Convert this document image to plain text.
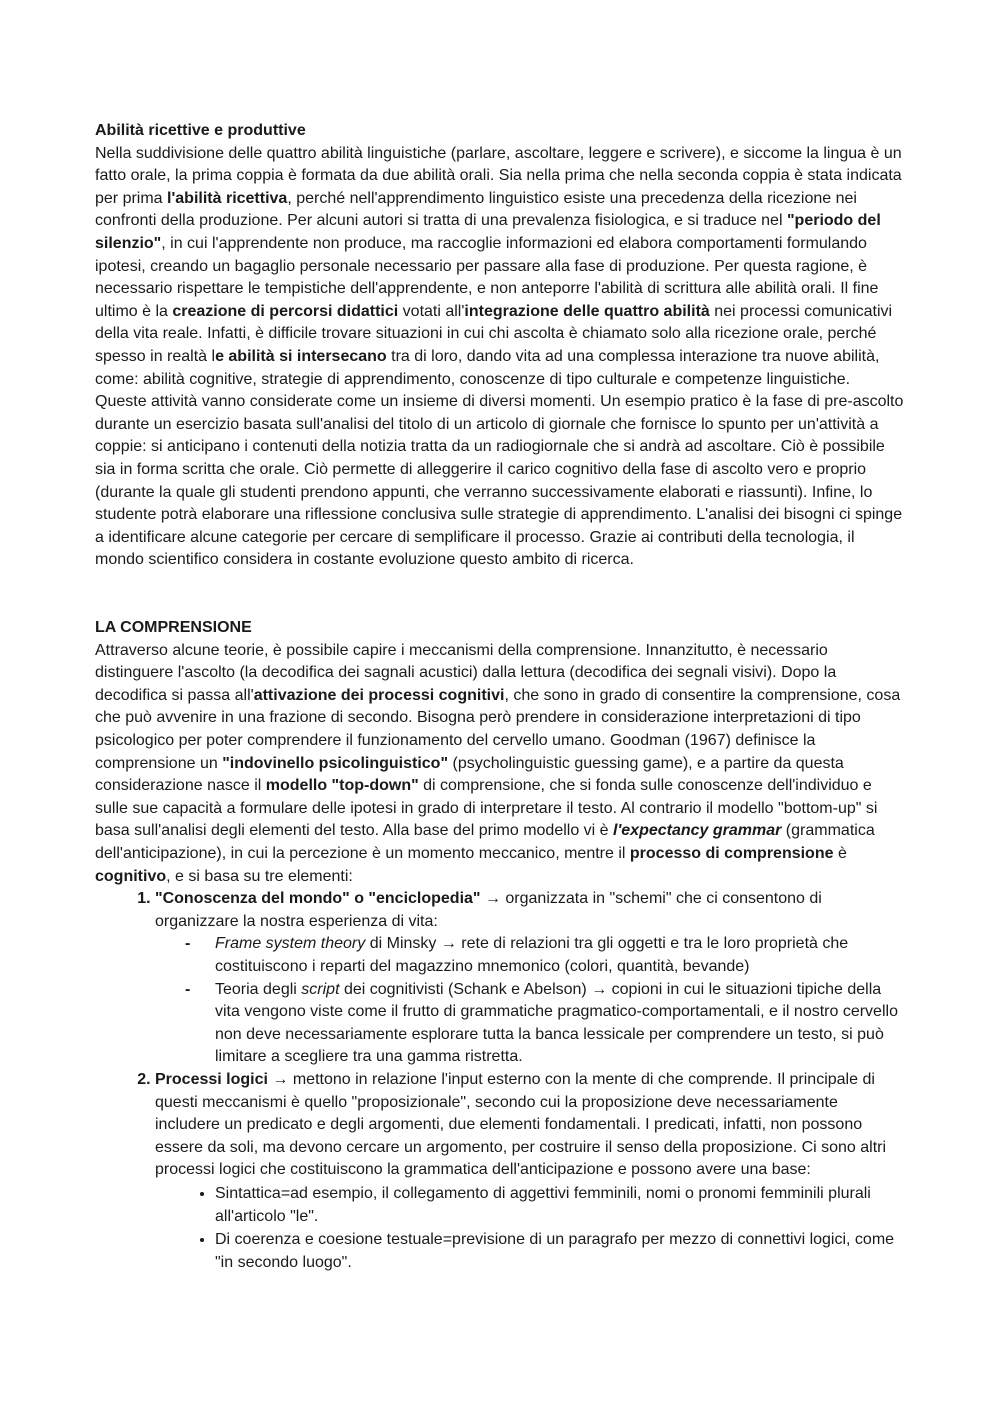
Abilità ricettive e produttive

Nella suddivisione delle quattro abilità linguistiche (parlare, ascoltare, leggere e scrivere), e siccome la lingua è un fatto orale, la prima coppia è formata da due abilità orali. Sia nella prima che nella seconda coppia è stata indicata per prima l'abilità ricettiva, perché nell'apprendimento linguistico esiste una precedenza della ricezione nei confronti della produzione. Per alcuni autori si tratta di una prevalenza fisiologica, e si traduce nel "periodo del silenzio", in cui l'apprendente non produce, ma raccoglie informazioni ed elabora comportamenti formulando ipotesi, creando un bagaglio personale necessario per passare alla fase di produzione. Per questa ragione, è necessario rispettare le tempistiche dell'apprendente, e non anteporre l'abilità di scrittura alle abilità orali. Il fine ultimo è la creazione di percorsi didattici votati all'integrazione delle quattro abilità nei processi comunicativi della vita reale. Infatti, è difficile trovare situazioni in cui chi ascolta è chiamato solo alla ricezione orale, perché spesso in realtà le abilità si intersecano tra di loro, dando vita ad una complessa interazione tra nuove abilità, come: abilità cognitive, strategie di apprendimento, conoscenze di tipo culturale e competenze linguistiche. Queste attività vanno considerate come un insieme di diversi momenti. Un esempio pratico è la fase di pre-ascolto durante un esercizio basata sull'analisi del titolo di un articolo di giornale che fornisce lo spunto per un'attività a coppie: si anticipano i contenuti della notizia tratta da un radiogiornale che si andrà ad ascoltare. Ciò è possibile sia in forma scritta che orale. Ciò permette di alleggerire il carico cognitivo della fase di ascolto vero e proprio (durante la quale gli studenti prendono appunti, che verranno successivamente elaborati e riassunti). Infine, lo studente potrà elaborare una riflessione conclusiva sulle strategie di apprendimento. L'analisi dei bisogni ci spinge a identificare alcune categorie per cercare di semplificare il processo. Grazie ai contributi della tecnologia, il mondo scientifico considera in costante evoluzione questo ambito di ricerca.

LA COMPRENSIONE

Attraverso alcune teorie, è possibile capire i meccanismi della comprensione. Innanzitutto, è necessario distinguere l'ascolto (la decodifica dei sagnali acustici) dalla lettura (decodifica dei segnali visivi). Dopo la decodifica si passa all'attivazione dei processi cognitivi, che sono in grado di consentire la comprensione, cosa che può avvenire in una frazione di secondo. Bisogna però prendere in considerazione interpretazioni di tipo psicologico per poter comprendere il funzionamento del cervello umano. Goodman (1967) definisce la comprensione un "indovinello psicolinguistico" (psycholinguistic guessing game), e a partire da questa considerazione nasce il modello "top-down" di comprensione, che si fonda sulle conoscenze dell'individuo e sulle sue capacità a formulare delle ipotesi in grado di interpretare il testo. Al contrario il modello "bottom-up" si basa sull'analisi degli elementi del testo. Alla base del primo modello vi è l'expectancy grammar (grammatica dell'anticipazione), in cui la percezione è un momento meccanico, mentre il processo di comprensione è cognitivo, e si basa su tre elementi:

1. "Conoscenza del mondo" o "enciclopedia" → organizzata in "schemi" che ci consentono di organizzare la nostra esperienza di vita:
- Frame system theory di Minsky → rete di relazioni tra gli oggetti e tra le loro proprietà che costituiscono i reparti del magazzino mnemonico (colori, quantità, bevande)
- Teoria degli script dei cognitivisti (Schank e Abelson) → copioni in cui le situazioni tipiche della vita vengono viste come il frutto di grammatiche pragmatico-comportamentali, e il nostro cervello non deve necessariamente esplorare tutta la banca lessicale per comprendere un testo, si può limitare a scegliere tra una gamma ristretta.
2. Processi logici → mettono in relazione l'input esterno con la mente di che comprende. Il principale di questi meccanismi è quello "proposizionale", secondo cui la proposizione deve necessariamente includere un predicato e degli argomenti, due elementi fondamentali. I predicati, infatti, non possono essere da soli, ma devono cercare un argomento, per costruire il senso della proposizione. Ci sono altri processi logici che costituiscono la grammatica dell'anticipazione e possono avere una base:
• Sintattica=ad esempio, il collegamento di aggettivi femminili, nomi o pronomi femminili plurali all'articolo "le".
• Di coerenza e coesione testuale=previsione di un paragrafo per mezzo di connettivi logici, come "in secondo luogo".
